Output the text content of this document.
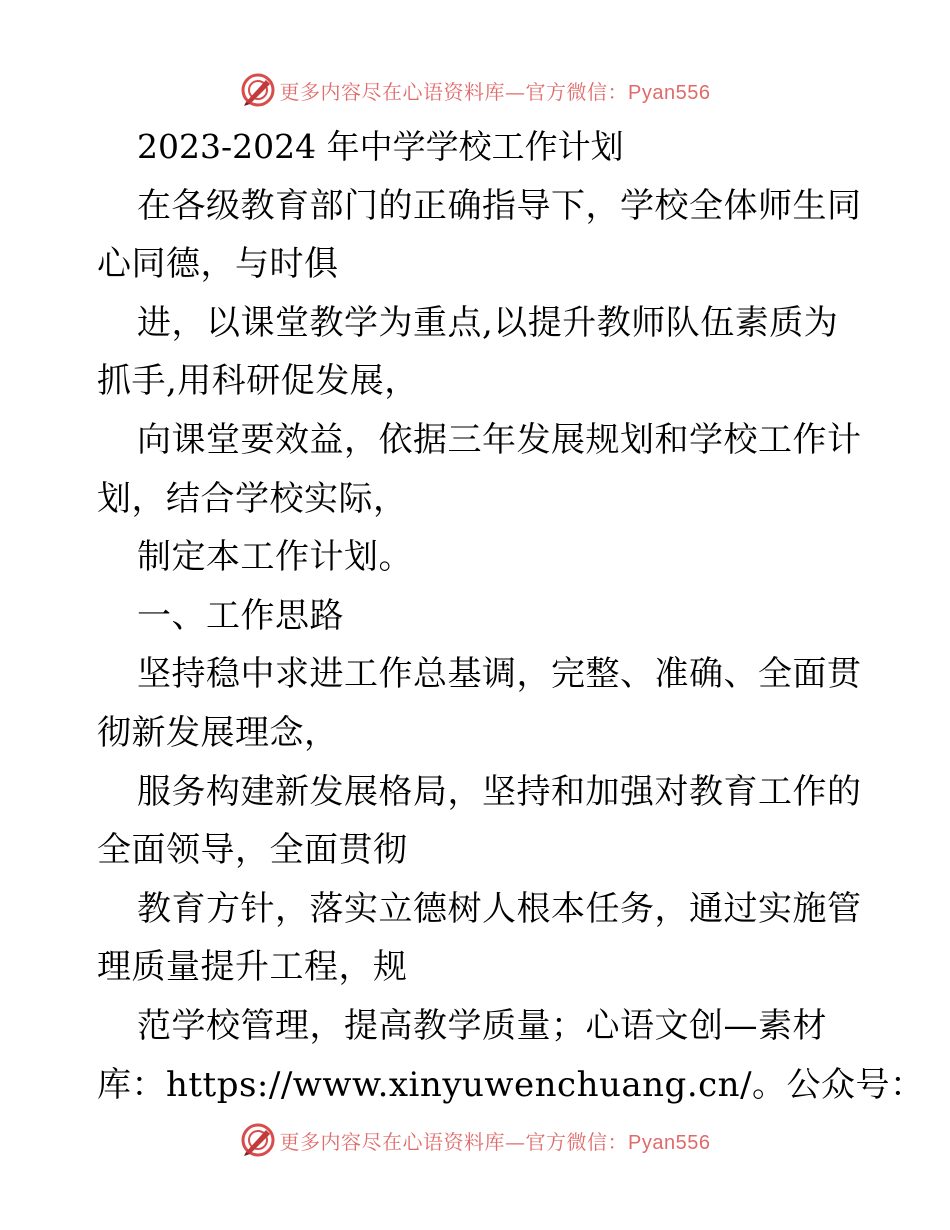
更多内容尽在心语资料库—官方微信：Pyan556
2023-2024 年中学学校工作计划
在各级教育部门的正确指导下，学校全体师生同
心同德，与时俱
进，以课堂教学为重点,以提升教师队伍素质为
抓手,用科研促发展，
向课堂要效益，依据三年发展规划和学校工作计
划，结合学校实际，
制定本工作计划。
一、工作思路
坚持稳中求进工作总基调，完整、准确、全面贯
彻新发展理念，
服务构建新发展格局，坚持和加强对教育工作的
全面领导，全面贯彻
教育方针，落实立德树人根本任务，通过实施管
理质量提升工程，规
范学校管理，提高教学质量；心语文创—素材
库：https://www.xinyuwenchuang.cn/。公众号：
更多内容尽在心语资料库—官方微信：Pyan556
